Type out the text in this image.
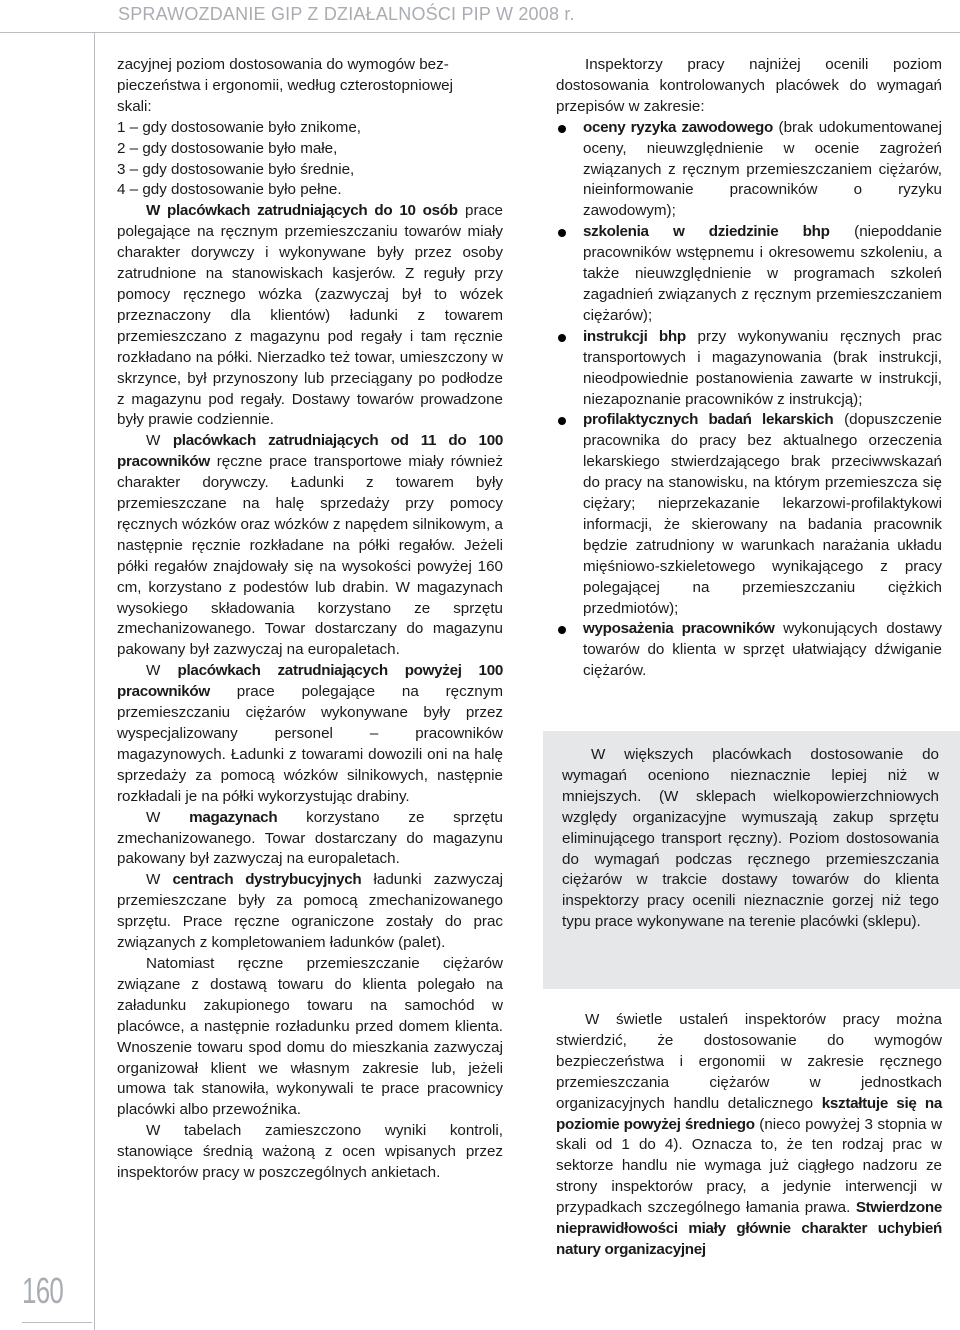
SPRAWOZDANIE GIP Z DZIAŁALNOŚCI PIP W 2008 r.
160

zacyjnej poziom dostosowania do wymogów bez-
pieczeństwa i ergonomii, według czterostopniowej
skali:
1 – gdy dostosowanie było znikome,
2 – gdy dostosowanie było małe,
3 – gdy dostosowanie było średnie,
4 – gdy dostosowanie było pełne.

W placówkach zatrudniających do 10 osób prace polegające na ręcznym przemieszczaniu towarów miały charakter dorywczy i wykonywane były przez osoby zatrudnione na stanowiskach kasjerów. Z reguły przy pomocy ręcznego wózka (zazwyczaj był to wózek przeznaczony dla klientów) ładunki z towarem przemieszczano z magazynu pod regały i tam ręcznie rozkładano na półki. Nierzadko też towar, umieszczony w skrzynce, był przynoszony lub przeciągany po podłodze z magazynu pod regały. Dostawy towarów prowadzone były prawie codziennie.

W placówkach zatrudniających od 11 do 100 pracowników ręczne prace transportowe miały również charakter dorywczy. Ładunki z towarem były przemieszczane na halę sprzedaży przy pomocy ręcznych wózków oraz wózków z napędem silnikowym, a następnie ręcznie rozkładane na półki regałów. Jeżeli półki regałów znajdowały się na wysokości powyżej 160 cm, korzystano z podestów lub drabin. W magazynach wysokiego składowania korzystano ze sprzętu zmechanizowanego. Towar dostarczany do magazynu pakowany był zazwyczaj na europaletach.

W placówkach zatrudniających powyżej 100 pracowników prace polegające na ręcznym przemieszczaniu ciężarów wykonywane były przez wyspecjalizowany personel – pracowników magazynowych. Ładunki z towarami dowozili oni na halę sprzedaży za pomocą wózków silnikowych, następnie rozkładali je na półki wykorzystując drabiny.

W magazynach korzystano ze sprzętu zmechanizowanego. Towar dostarczany do magazynu pakowany był zazwyczaj na europaletach.

W centrach dystrybucyjnych ładunki zazwyczaj przemieszczane były za pomocą zmechanizowanego sprzętu. Prace ręczne ograniczone zostały do prac związanych z kompletowaniem ładunków (palet).

Natomiast ręczne przemieszczanie ciężarów związane z dostawą towaru do klienta polegało na załadunku zakupionego towaru na samochód w placówce, a następnie rozładunku przed domem klienta. Wnoszenie towaru spod domu do mieszkania zazwyczaj organizował klient we własnym zakresie lub, jeżeli umowa tak stanowiła, wykonywali te prace pracownicy placówki albo przewoźnika.

W tabelach zamieszczono wyniki kontroli, stanowiące średnią ważoną z ocen wpisanych przez inspektorów pracy w poszczególnych ankietach.

Inspektorzy pracy najniżej ocenili poziom dostosowania kontrolowanych placówek do wymagań przepisów w zakresie:

oceny ryzyka zawodowego (brak udokumentowanej oceny, nieuwzględnienie w ocenie zagrożeń związanych z ręcznym przemieszczaniem ciężarów, nieinformowanie pracowników o ryzyku zawodowym);
szkolenia w dziedzinie bhp (niepoddanie pracowników wstępnemu i okresowemu szkoleniu, a także nieuwzględnienie w programach szkoleń zagadnień związanych z ręcznym przemieszczaniem ciężarów);
instrukcji bhp przy wykonywaniu ręcznych prac transportowych i magazynowania (brak instrukcji, nieodpowiednie postanowienia zawarte w instrukcji, niezapoznanie pracowników z instrukcją);
profilaktycznych badań lekarskich (dopuszczenie pracownika do pracy bez aktualnego orzeczenia lekarskiego stwierdzającego brak przeciwwskazań do pracy na stanowisku, na którym przemieszcza się ciężary; nieprzekazanie lekarzowi-profilaktykowi informacji, że skierowany na badania pracownik będzie zatrudniony w warunkach narażania układu mięśniowo-szkieletowego wynikającego z pracy polegającej na przemieszczaniu ciężkich przedmiotów);
wyposażenia pracowników wykonujących dostawy towarów do klienta w sprzęt ułatwiający dźwiganie ciężarów.

W większych placówkach dostosowanie do wymagań oceniono nieznacznie lepiej niż w mniejszych. (W sklepach wielkopowierzchniowych względy organizacyjne wymuszają zakup sprzętu eliminującego transport ręczny). Poziom dostosowania do wymagań podczas ręcznego przemieszczania ciężarów w trakcie dostawy towarów do klienta inspektorzy pracy ocenili nieznacznie gorzej niż tego typu prace wykonywane na terenie placówki (sklepu).

W świetle ustaleń inspektorów pracy można stwierdzić, że dostosowanie do wymogów bezpieczeństwa i ergonomii w zakresie ręcznego przemieszczania ciężarów w jednostkach organizacyjnych handlu detalicznego kształtuje się na poziomie powyżej średniego (nieco powyżej 3 stopnia w skali od 1 do 4). Oznacza to, że ten rodzaj prac w sektorze handlu nie wymaga już ciągłego nadzoru ze strony inspektorów pracy, a jedynie interwencji w przypadkach szczególnego łamania prawa. Stwierdzone nieprawidłowości miały głównie charakter uchybień natury organizacyjnej
